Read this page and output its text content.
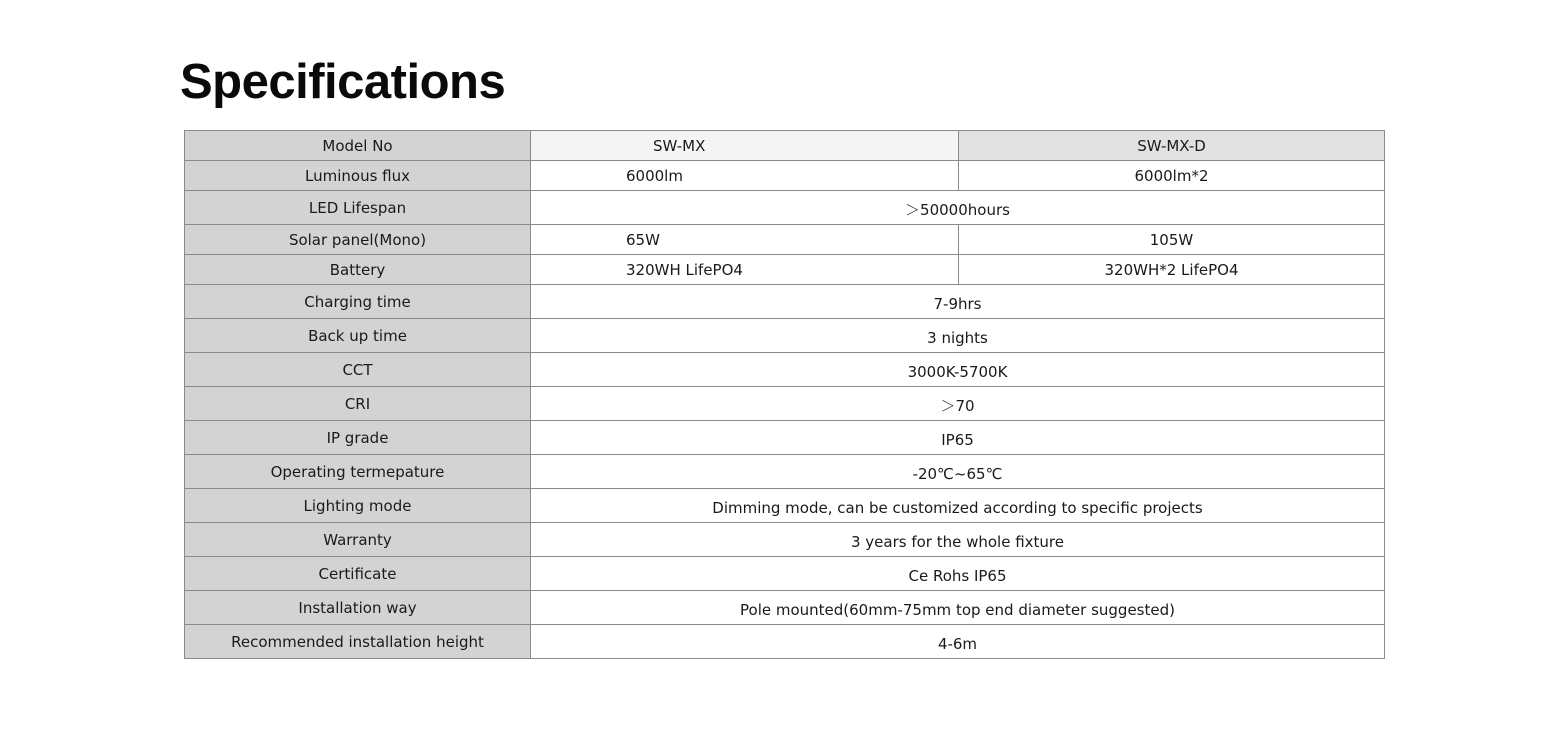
Specifications
Model No	SW-MX	SW-MX-D
Luminous flux	6000lm	6000lm*2
LED Lifespan	＞50000hours	
Solar panel(Mono)	65W	105W
Battery	320WH LifePO4	320WH*2 LifePO4
Charging time	7-9hrs	
Back up time	3 nights	
CCT	3000K-5700K	
CRI	＞70	
IP grade	IP65	
Operating termepature	-20℃~65℃	
Lighting mode	Dimming mode, can be customized according to specific projects	
Warranty	3 years for the whole fixture	
Certificate	Ce Rohs IP65	
Installation way	Pole mounted(60mm-75mm top end diameter suggested)	
Recommended installation height	4-6m	
